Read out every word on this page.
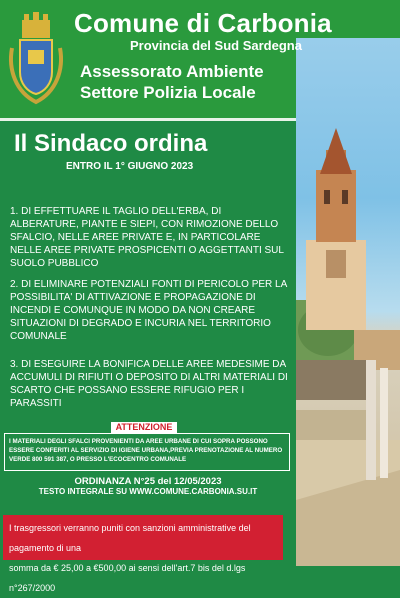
Comune di Carbonia
Provincia del Sud Sardegna
Assessorato Ambiente
Settore Polizia Locale
Il Sindaco ordina
ENTRO IL 1° GIUGNO 2023
1. DI EFFETTUARE IL TAGLIO DELL'ERBA, DI ALBERATURE, PIANTE E SIEPI, CON RIMOZIONE DELLO SFALCIO, NELLE AREE PRIVATE E, IN PARTICOLARE NELLE AREE PRIVATE PROSPICENTI O AGGETTANTI SUL SUOLO PUBBLICO
2. DI ELIMINARE POTENZIALI FONTI DI PERICOLO PER LA POSSIBILITA' DI ATTIVAZIONE E PROPAGAZIONE DI INCENDI E COMUNQUE IN MODO DA NON CREARE SITUAZIONI DI DEGRADO E INCURIA NEL TERRITORIO COMUNALE
3. DI ESEGUIRE LA BONIFICA DELLE AREE MEDESIME DA ACCUMULI DI RIFIUTI O DEPOSITO DI ALTRI MATERIALI DI SCARTO CHE POSSANO ESSERE RIFUGIO PER I PARASSITI
ATTENZIONE
I MATERIALI DEGLI SFALCI PROVENIENTI DA AREE URBANE DI CUI SOPRA POSSONO ESSERE CONFERITI AL SERVIZIO DI IGIENE URBANA,PREVIA PRENOTAZIONE AL NUMERO VERDE 800 591 387, O PRESSO L'ECOCENTRO COMUNALE
ORDINANZA N°25 del 12/05/2023
TESTO INTEGRALE SU WWW.COMUNE.CARBONIA.SU.IT
I trasgressori verranno puniti con sanzioni amministrative del pagamento di una
somma da € 25,00 a €500,00 ai sensi dell'art.7 bis del d.lgs n°267/2000
